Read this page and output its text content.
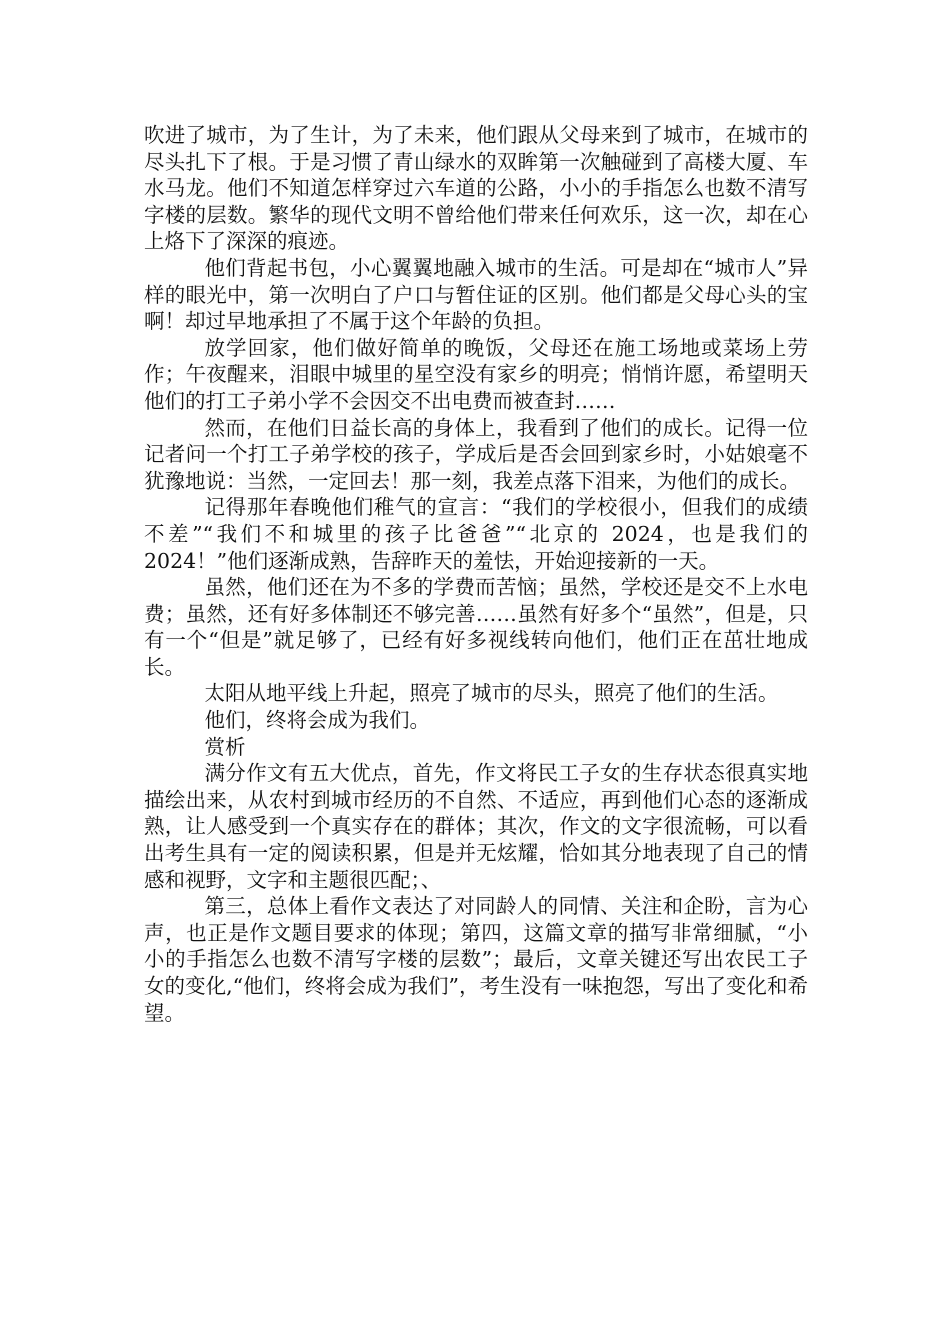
吹进了城市，为了生计，为了未来，他们跟从父母来到了城市，在城市的尽头扎下了根。于是习惯了青山绿水的双眸第一次触碰到了高楼大厦、车水马龙。他们不知道怎样穿过六车道的公路，小小的手指怎么也数不清写字楼的层数。繁华的现代文明不曾给他们带来任何欢乐，这一次，却在心上烙下了深深的痕迹。

他们背起书包，小心翼翼地融入城市的生活。可是却在“城市人”异样的眼光中，第一次明白了户口与暂住证的区别。他们都是父母心头的宝啊！却过早地承担了不属于这个年龄的负担。

放学回家，他们做好简单的晚饭，父母还在施工场地或菜场上劳作；午夜醒来，泪眼中城里的星空没有家乡的明亮；悄悄许愿，希望明天他们的打工子弟小学不会因交不出电费而被查封……

然而，在他们日益长高的身体上，我看到了他们的成长。记得一位记者问一个打工子弟学校的孩子，学成后是否会回到家乡时，小姑娘毫不犹豫地说：当然，一定回去！那一刻，我差点落下泪来，为他们的成长。

记得那年春晚他们稚气的宣言：“我们的学校很小，但我们的成绩不差”“我们不和城里的孩子比爸爸”“北京的 2024，也是我们的 2024！”他们逐渐成熟，告辞昨天的羞怯，开始迎接新的一天。

虽然，他们还在为不多的学费而苦恼；虽然，学校还是交不上水电费；虽然，还有好多体制还不够完善……虽然有好多个“虽然”，但是，只有一个“但是”就足够了，已经有好多视线转向他们，他们正在茁壮地成长。

太阳从地平线上升起，照亮了城市的尽头，照亮了他们的生活。

他们，终将会成为我们。

赏析

满分作文有五大优点，首先，作文将民工子女的生存状态很真实地描绘出来，从农村到城市经历的不自然、不适应，再到他们心态的逐渐成熟，让人感受到一个真实存在的群体；其次，作文的文字很流畅，可以看出考生具有一定的阅读积累，但是并无炫耀，恰如其分地表现了自己的情感和视野，文字和主题很匹配；、

第三，总体上看作文表达了对同龄人的同情、关注和企盼，言为心声，也正是作文题目要求的体现；第四，这篇文章的描写非常细腻，“小小的手指怎么也数不清写字楼的层数”；最后，文章关键还写出农民工子女的变化,“他们，终将会成为我们”，考生没有一味抱怨，写出了变化和希望。
